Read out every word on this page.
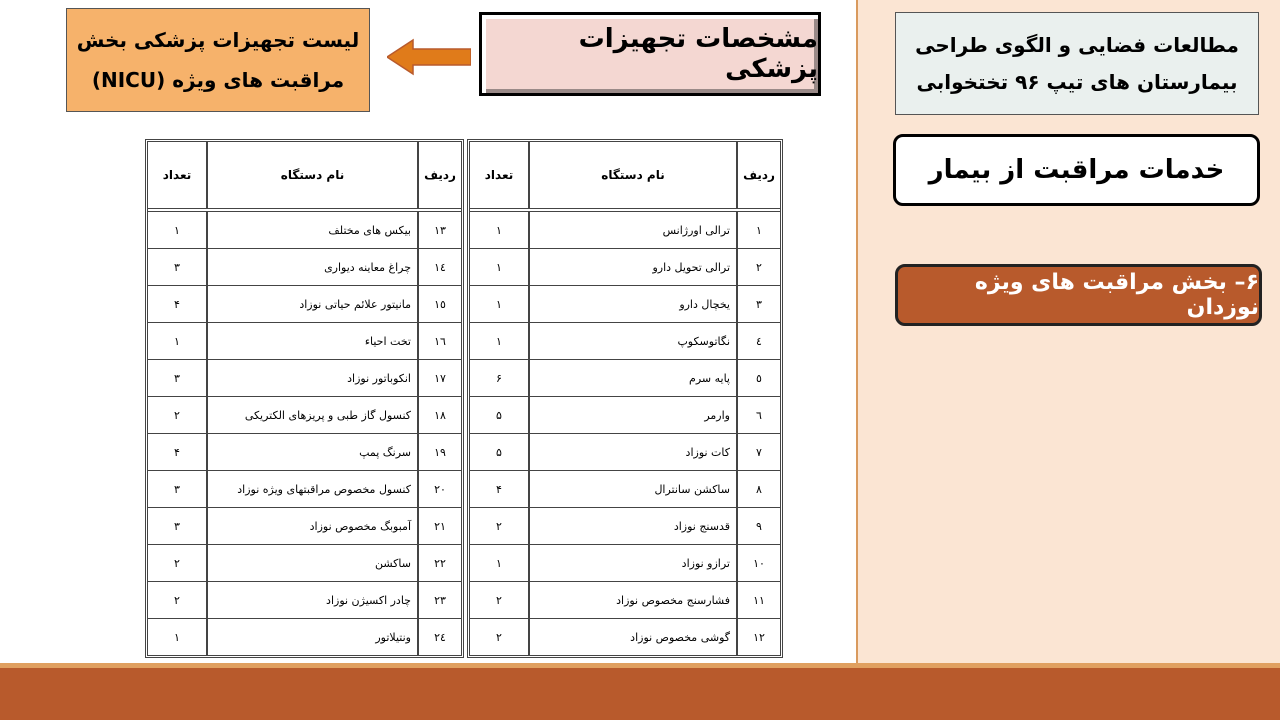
مطالعات فضایی و الگوی طراحی بیمارستان های تیپ ۹۶ تختخوابی
خدمات مراقبت از بیمار
۶– بخش مراقبت های ویژه نوزدان
مشخصات تجهیزات پزشکی
لیست تجهیزات پزشکی بخش مراقبت های ویژه (NICU)
ردیف
نام دستگاه
تعداد
۱
ترالی اورژانس
۱
۲
ترالی تحویل دارو
۱
۳
یخچال دارو
۱
٤
نگاتوسکوپ
۱
٥
پایه سرم
۶
٦
وارمر
۵
۷
کات نوزاد
۵
۸
ساکشن سانترال
۴
۹
قدسنج نوزاد
۲
۱۰
ترازو نوزاد
۱
۱۱
فشارسنج مخصوص نوزاد
۲
۱۲
گوشی مخصوص نوزاد
۲
ردیف
نام دستگاه
تعداد
۱۳
بیکس های مختلف
۱
١٤
چراغ معاینه دیواری
۳
١٥
مانیتور علائم حیاتی نوزاد
۴
١٦
تخت احیاء
۱
۱۷
انکوباتور نوزاد
۳
۱۸
کنسول گاز طبی و پریزهای الکتریکی
۲
۱۹
سرنگ پمپ
۴
۲۰
کنسول مخصوص مراقبتهای ویژه نوزاد
۳
۲۱
آمبوبگ مخصوص نوزاد
۳
۲۲
ساکشن
۲
۲۳
چادر اکسیژن نوزاد
۲
۲٤
ونتیلاتور
۱
